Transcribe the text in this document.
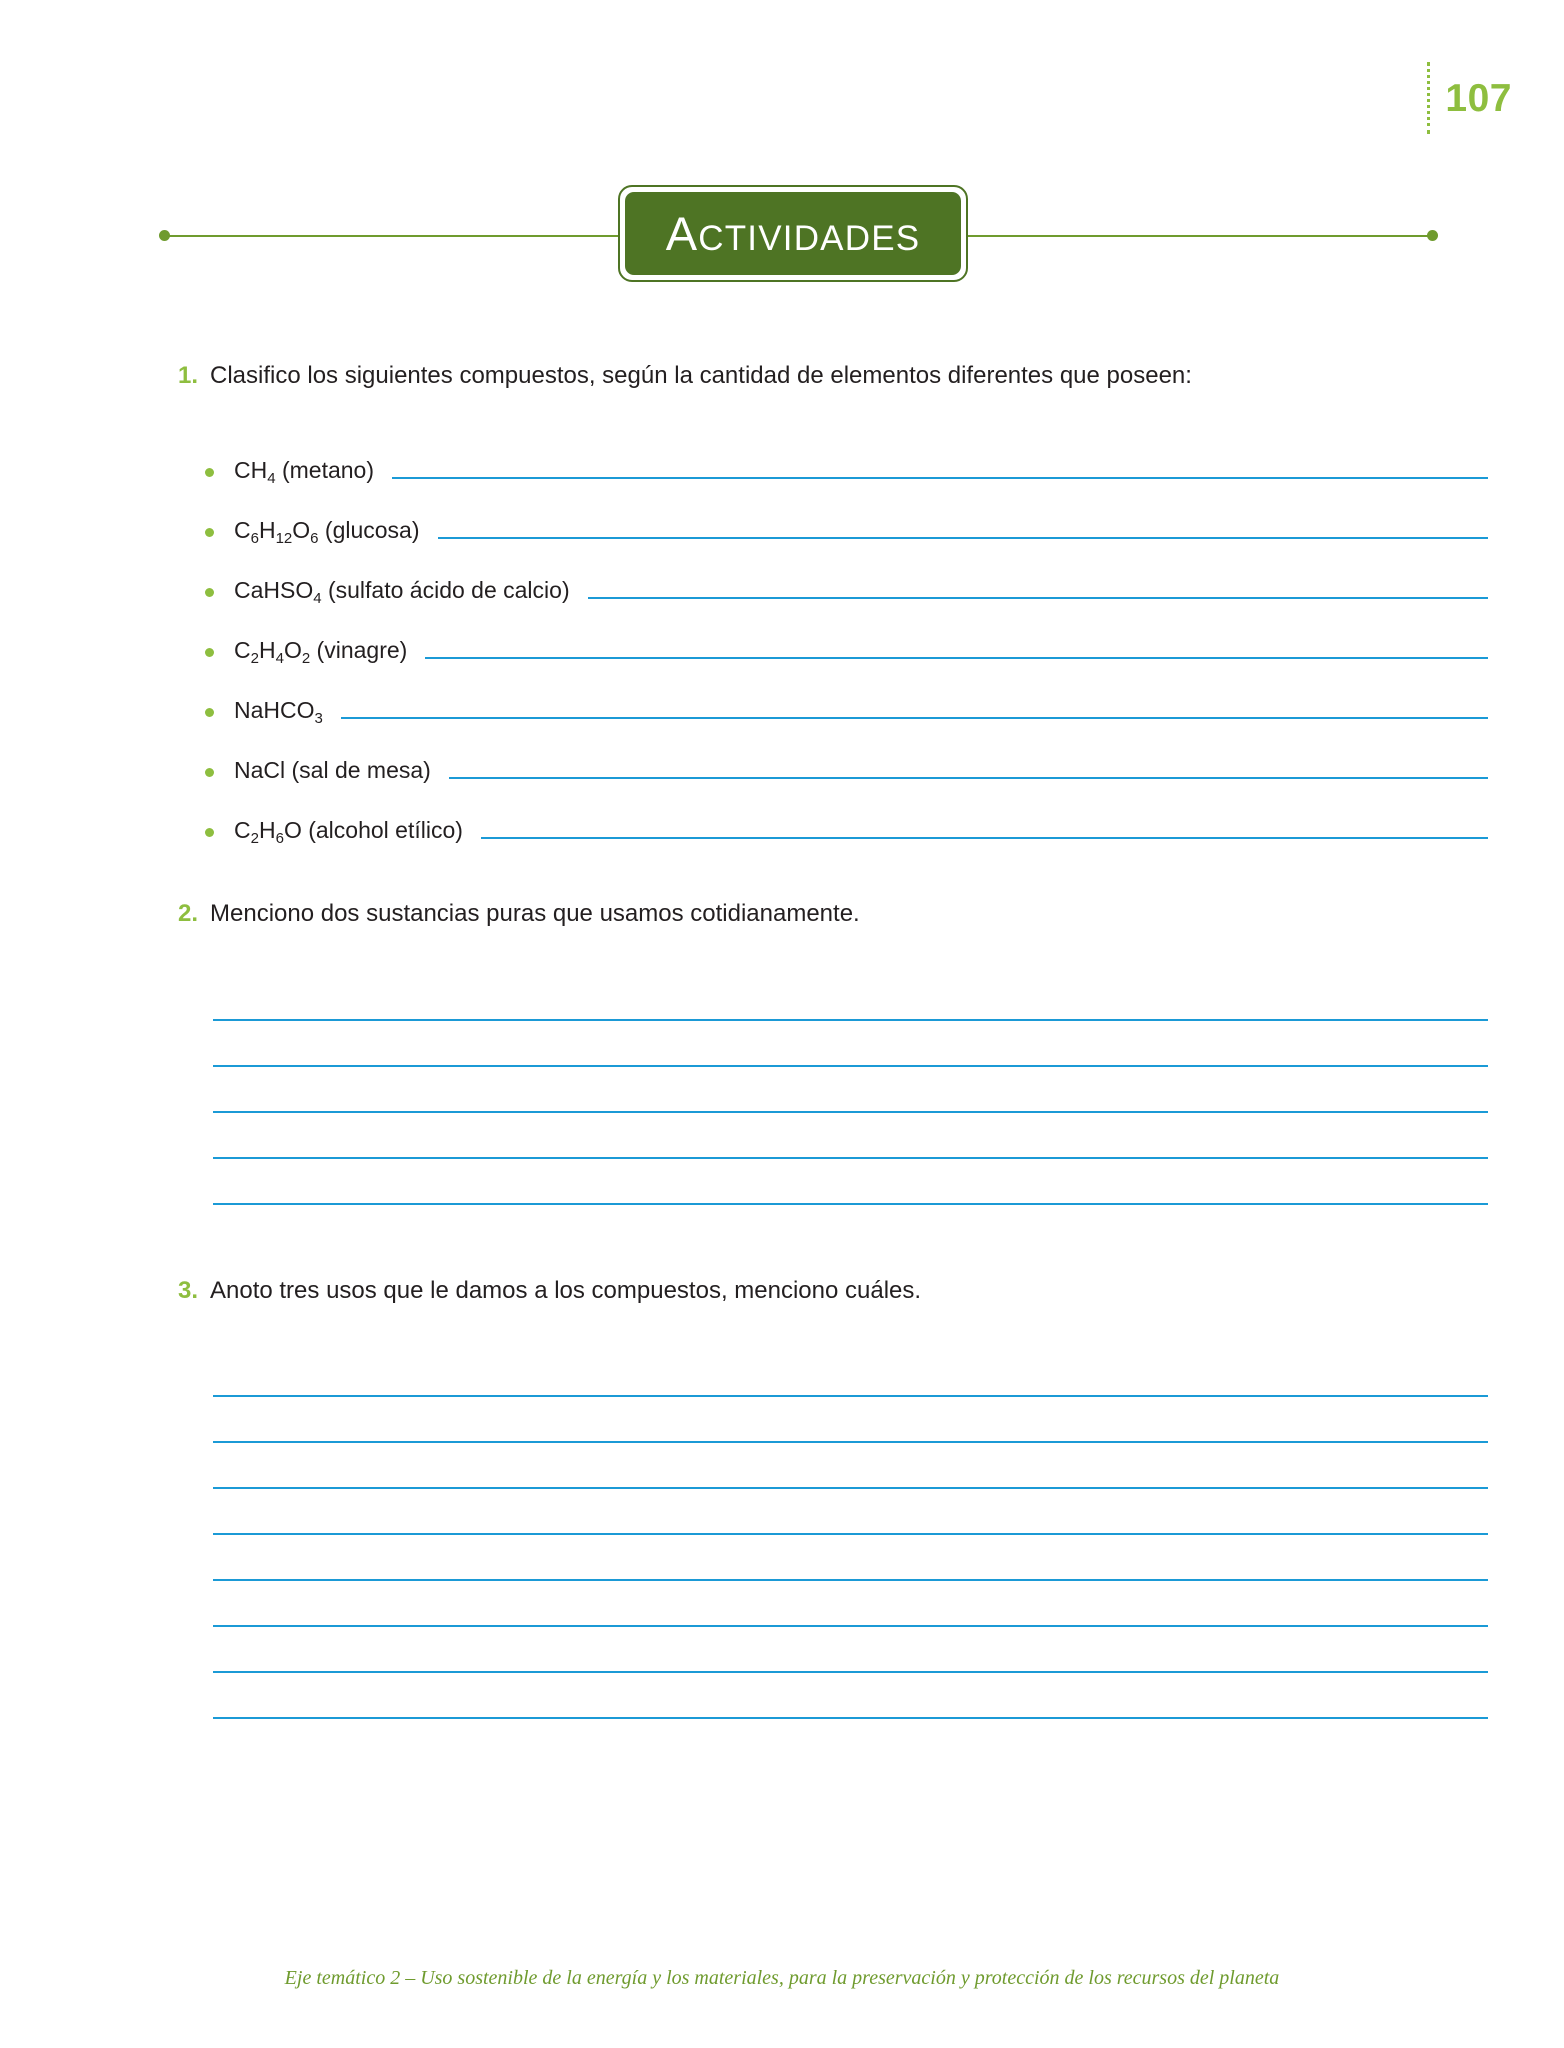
107
ACTIVIDADES
1. Clasifico los siguientes compuestos, según la cantidad de elementos diferentes que poseen:
$CH_4$ (metano)
$C_6H_{12}O_6$ (glucosa)
CaHSO$_4$ (sulfato ácido de calcio)
$C_2H_4O_2$ (vinagre)
NaHCO$_3$
NaCl (sal de mesa)
$C_2H_6O$ (alcohol etílico)
2. Menciono dos sustancias puras que usamos cotidianamente.
3. Anoto tres usos que le damos a los compuestos, menciono cuáles.
Eje temático 2 – Uso sostenible de la energía y los materiales, para la preservación y protección de los recursos del planeta
